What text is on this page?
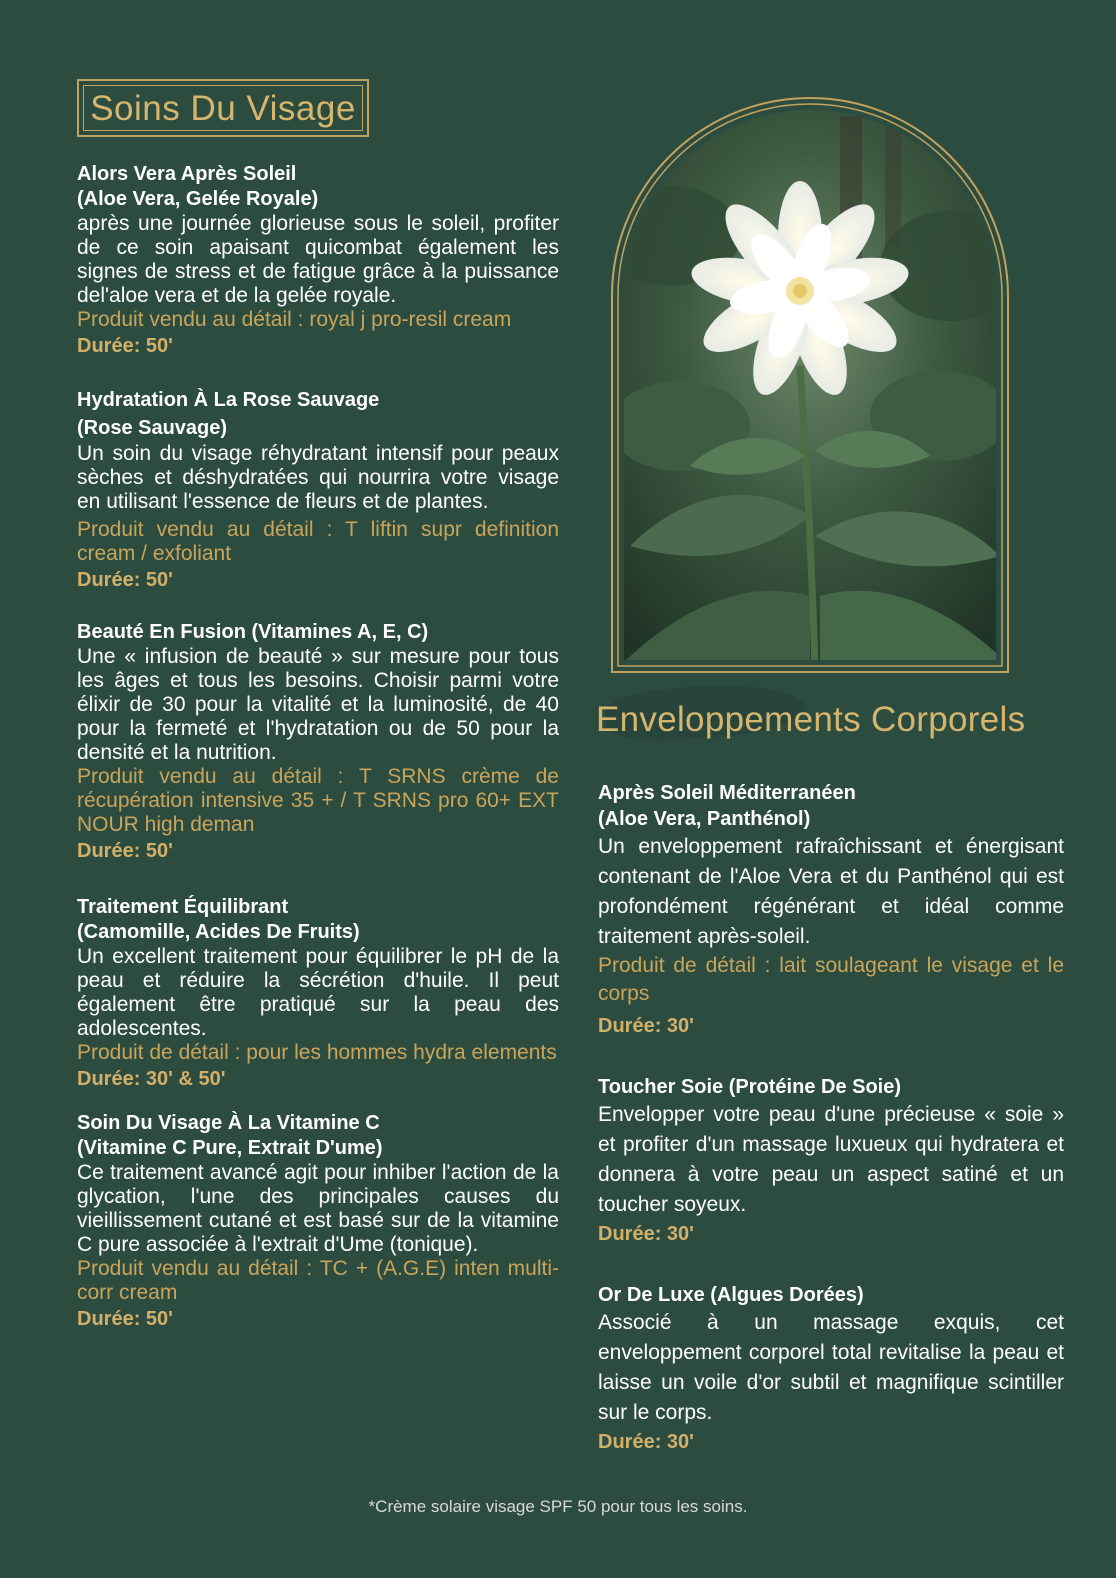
Soins Du Visage
Alors Vera Après Soleil
(Aloe Vera, Gelée Royale)
après une journée glorieuse sous le soleil, profiter de ce soin apaisant quicombat également les signes de stress et de fatigue grâce à la puissance del'aloe vera et de la gelée royale.
Produit vendu au détail : royal j pro-resil cream
Durée: 50'
Hydratation À La Rose Sauvage
(Rose Sauvage)
Un soin du visage réhydratant intensif pour peaux sèches et déshydratées qui nourrira votre visage en utilisant l'essence de fleurs et de plantes.
Produit vendu au détail : T liftin supr definition cream / exfoliant
Durée: 50'
Beauté En Fusion (Vitamines A, E, C)
Une « infusion de beauté » sur mesure pour tous les âges et tous les besoins. Choisir parmi votre élixir de 30 pour la vitalité et la luminosité, de 40 pour la fermeté et l'hydratation ou de 50 pour la densité et la nutrition.
Produit vendu au détail : T SRNS crème de récupération intensive 35 + / T SRNS pro 60+ EXT NOUR high deman
Durée: 50'
Traitement Équilibrant
(Camomille, Acides De Fruits)
Un excellent traitement pour équilibrer le pH de la peau et réduire la sécrétion d'huile. Il peut également être pratiqué sur la peau des adolescentes.
Produit de détail : pour les hommes hydra elements
Durée: 30' & 50'
Soin Du Visage À La Vitamine C
(Vitamine C Pure, Extrait D'ume)
Ce traitement avancé agit pour inhiber l'action de la glycation, l'une des principales causes du vieillissement cutané et est basé sur de la vitamine C pure associée à l'extrait d'Ume (tonique).
Produit vendu au détail : TC + (A.G.E) inten multi-corr cream
Durée: 50'
Enveloppements Corporels
Après Soleil Méditerranéen
(Aloe Vera, Panthénol)
Un enveloppement rafraîchissant et énergisant contenant de l'Aloe Vera et du Panthénol qui est profondément régénérant et idéal comme traitement après-soleil.
Produit de détail : lait soulageant le visage et le corps
Durée: 30'
Toucher Soie (Protéine De Soie)
Envelopper votre peau d'une précieuse « soie » et profiter d'un massage luxueux qui hydratera et donnera à votre peau un aspect satiné et un toucher soyeux.
Durée: 30'
Or De Luxe (Algues Dorées)
Associé à un massage exquis, cet enveloppement corporel total revitalise la peau et laisse un voile d'or subtil et magnifique scintiller sur le corps.
Durée: 30'
*Crème solaire visage SPF 50 pour tous les soins.
